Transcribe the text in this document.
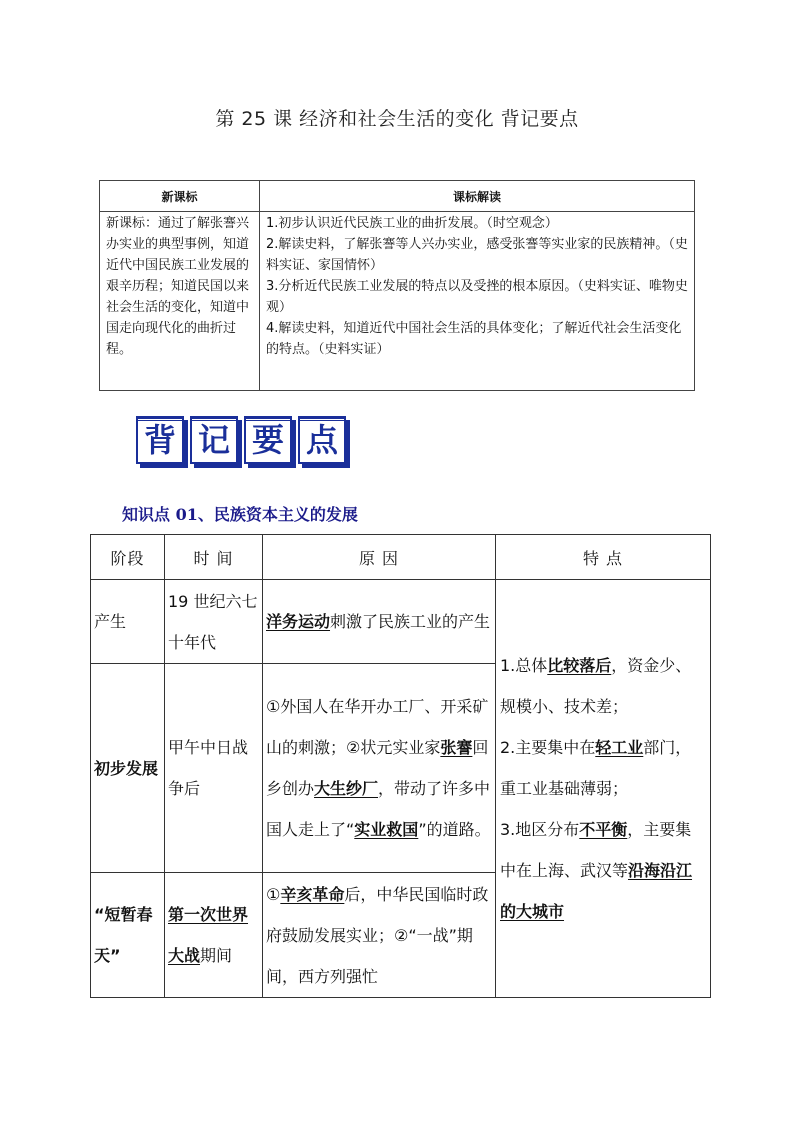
第 25 课 经济和社会生活的变化 背记要点
新课标	课标解读
新课标：通过了解张謇兴办实业的典型事例，知道近代中国民族工业发展的艰辛历程；知道民国以来社会生活的变化，知道中国走向现代化的曲折过程。	1.初步认识近代民族工业的曲折发展。（时空观念）
2.解读史料，了解张謇等人兴办实业，感受张謇等实业家的民族精神。（史料实证、家国情怀）
3.分析近代民族工业发展的特点以及受挫的根本原因。（史料实证、唯物史观）
4.解读史料，知道近代中国社会生活的具体变化；了解近代社会生活变化的特点。（史料实证）
背 记 要 点
知识点 01、民族资本主义的发展
阶段	时 间	原 因	特 点
产生	19 世纪六七十年代	洋务运动刺激了民族工业的产生	1.总体比较落后，资金少、规模小、技术差；
2.主要集中在轻工业部门，重工业基础薄弱；
3.地区分布不平衡，主要集中在上海、武汉等沿海沿江的大城市

初步发展	甲午中日战争后	①外国人在华开办工厂、开采矿山的刺激；②状元实业家张謇回乡创办大生纱厂，带动了许多中国人走上了“实业救国”的道路。	
“短暂春天”	第一次世界大战期间	①辛亥革命后，中华民国临时政府鼓励发展实业；②“一战”期间，西方列强忙	
